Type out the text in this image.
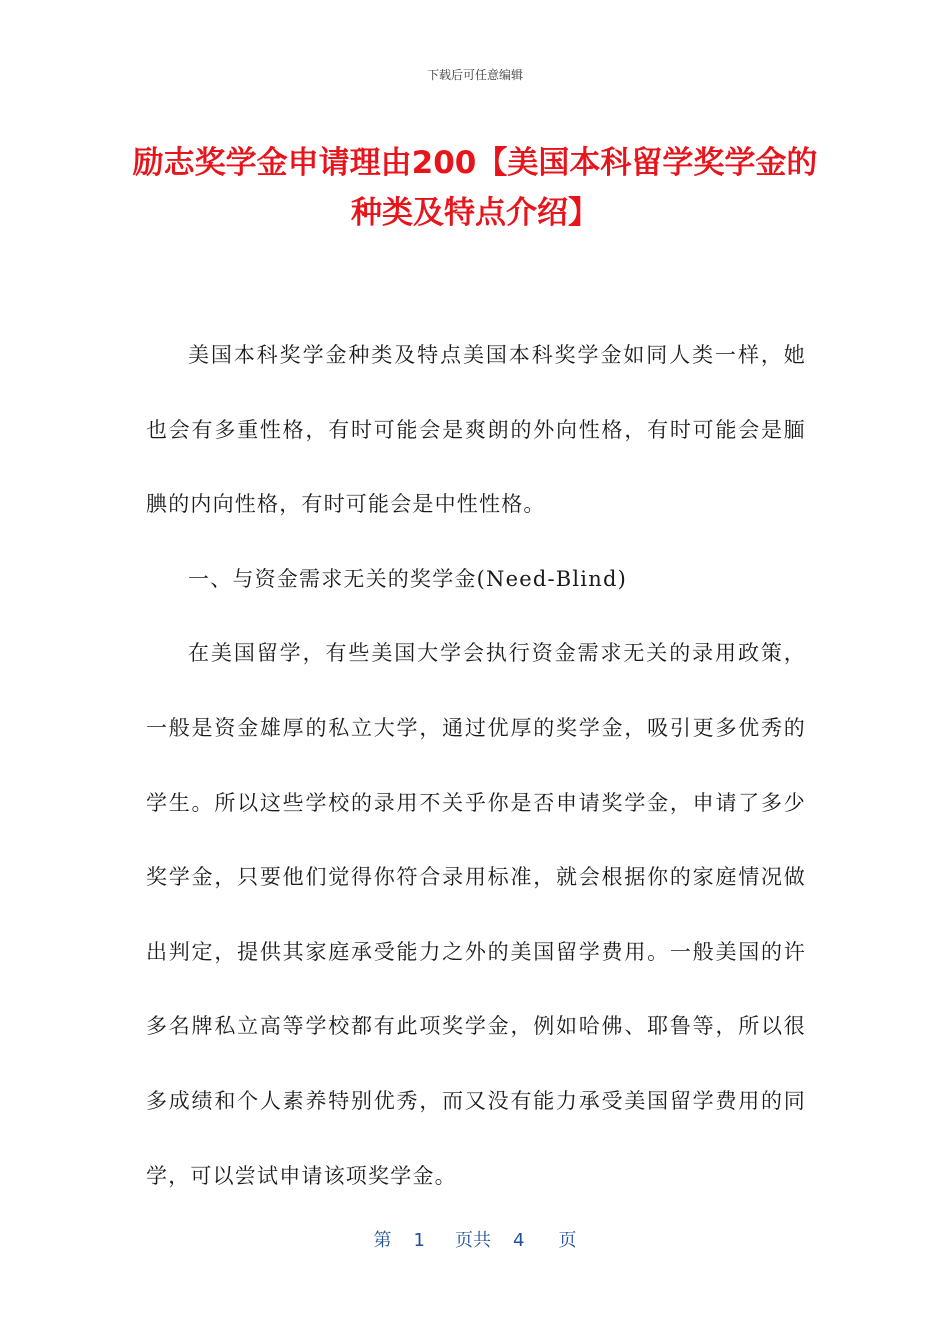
下载后可任意编辑
励志奖学金申请理由200【美国本科留学奖学金的种类及特点介绍】

美国本科奖学金种类及特点美国本科奖学金如同人类一样，她也会有多重性格，有时可能会是爽朗的外向性格，有时可能会是腼腆的内向性格，有时可能会是中性性格。

一、与资金需求无关的奖学金(Need-Blind)

在美国留学，有些美国大学会执行资金需求无关的录用政策，一般是资金雄厚的私立大学，通过优厚的奖学金，吸引更多优秀的学生。所以这些学校的录用不关乎你是否申请奖学金，申请了多少奖学金，只要他们觉得你符合录用标准，就会根据你的家庭情况做出判定，提供其家庭承受能力之外的美国留学费用。一般美国的许多名牌私立高等学校都有此项奖学金，例如哈佛、耶鲁等，所以很多成绩和个人素养特别优秀，而又没有能力承受美国留学费用的同学，可以尝试申请该项奖学金。

第 1 页共 4 页
